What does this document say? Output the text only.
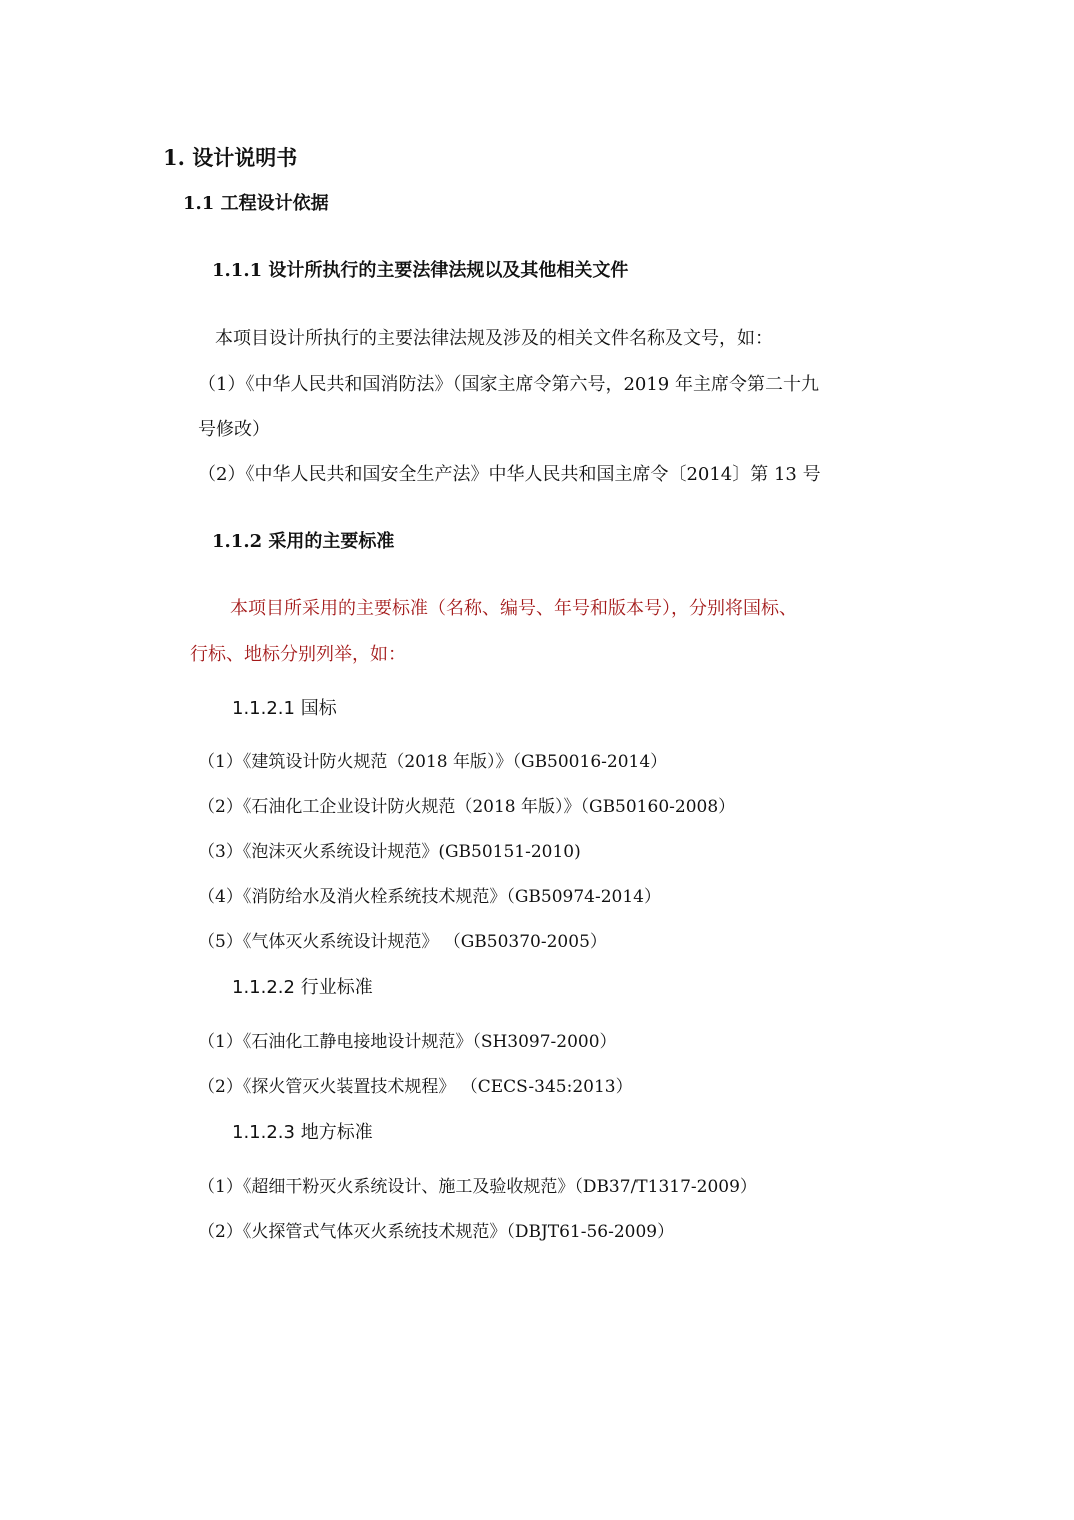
1. 设计说明书
1.1 工程设计依据
1.1.1 设计所执行的主要法律法规以及其他相关文件
本项目设计所执行的主要法律法规及涉及的相关文件名称及文号，如：
（1）《中华人民共和国消防法》（国家主席令第六号，2019 年主席令第二十九
号修改）
（2）《中华人民共和国安全生产法》中华人民共和国主席令〔2014〕第 13 号
1.1.2 采用的主要标准
本项目所采用的主要标准（名称、编号、年号和版本号），分别将国标、
行标、地标分别列举，如：
1.1.2.1 国标
（1）《建筑设计防火规范（2018 年版）》（GB50016-2014）
（2）《石油化工企业设计防火规范（2018 年版）》（GB50160-2008）
（3）《泡沫灭火系统设计规范》(GB50151-2010)
（4）《消防给水及消火栓系统技术规范》（GB50974-2014）
（5）《气体灭火系统设计规范》 （GB50370-2005）
1.1.2.2 行业标准
（1）《石油化工静电接地设计规范》（SH3097-2000）
（2）《探火管灭火装置技术规程》 （CECS-345:2013）
1.1.2.3 地方标准
（1）《超细干粉灭火系统设计、施工及验收规范》（DB37/T1317-2009）
（2）《火探管式气体灭火系统技术规范》（DBJT61-56-2009）
